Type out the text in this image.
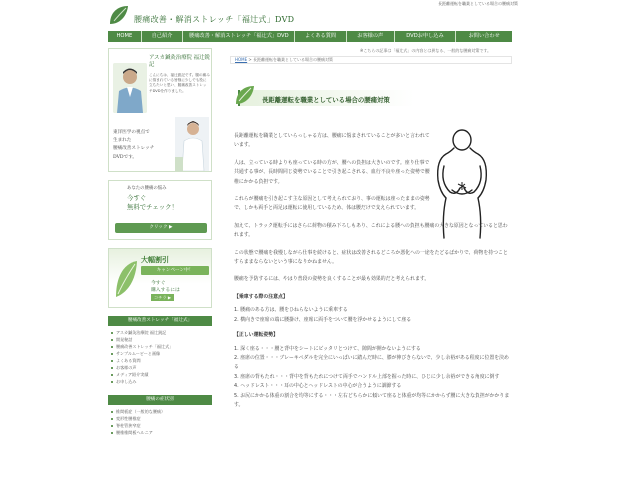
長距離運転を職業としている場合の腰痛対策
腰痛改善・解消ストレッチ「福辻式」DVD
HOME	自己紹介	腰痛改善・解消ストレッチ「福辻式」DVD	よくある質問	お客様の声	DVDお申し込み	お問い合わせ
アスカ鍼灸治療院 福辻鋭記
こんにちは、福辻鋭記です。腰の痛みに悩まれている皆様に少しでも役に立ちたいと思い、腰痛改善ストレッチDVDを作りました。
東洋医学の視点で
生まれた
腰痛改善ストレッチ
DVDです。
あなたの腰痛の悩み
今すぐ
無料でチェック！
クリック ▶
大幅割引
キャンペーン中！
今すぐ
購入するには
コチラ ▶
腰痛改善ストレッチ「福辻式」
アスカ鍼灸治療院 福辻鋭記
開発秘話
腰痛改善ストレッチ「福辻式」
サンプルムービーと画像
よくある質問
お客様の声
メディア紹介実績
お申し込み
腰痛の症状別
椎間板症（一般的な腰痛）
変形性腰椎症
脊柱管狭窄症
腰椎椎間板ヘルニア
※こちらの記事は「福辻式」の内容とは異なる、一般的な腰痛対策です。
HOME > 長距離運転を職業としている場合の腰痛対策
長距離運転を職業としている場合の腰痛対策

長距離運転を職業としていらっしゃる方は、腰痛に悩まされていることが多いと言われています。

人は、立っている時よりも座っている時の方が、腰への負担は大きいのです。座り仕事で共通する事が、長時間同じ姿勢でいることで引き起こされる、血行不良や座った姿勢で腰椎にかかる負担です。

これらが腰痛を引き起こす主な原因として考えられており、事の運転は座ったままの姿勢で、しかも両手と両足は運転に使用しているため、体は腰だけで支えられています。

加えて、トラック運転手にはさらに荷物の積み下ろしもあり、これによる腰への負担も腰痛の大きな原因となっていると思われます。

この状態で腰痛を我慢しながら仕事を続けると、症状は改善されるどころか悪化への一途をたどるばかりで、荷物を持つことすらままならないという事になりかねません。

腰痛を予防するには、やはり普段の姿勢を良くすることが最も効果的だと考えられます。

【乗車する際の注意点】

1. 腰痛のある方は、腰をひねらないように乗車する
2. 横向きで座席の端に腰掛け、座席に両手をついて腰を浮かせるようにして座る

【正しい運転姿勢】

1. 深く座る・・・腰と背中をシートにピッタリとつけて、隙間が開かないようにする
2. 座席の位置・・・ブレーキペダルを完全にいっぱいに踏んだ時に、膝が伸びきらないで、少し余裕がある程度に位置を決める
3. 座席の背もたれ・・・背中を背もたれにつけて両手でハンドル上部を握った時に、ひじに少し余裕ができる角度に倒す
4. ヘッドレスト・・・耳の中心とヘッドレストの中心が合うように調節する
5. お尻にかかる体重の割合を均等にする・・・左右どちらかに傾いて座ると体重が均等にかからず腰に大きな負担がかかります。
